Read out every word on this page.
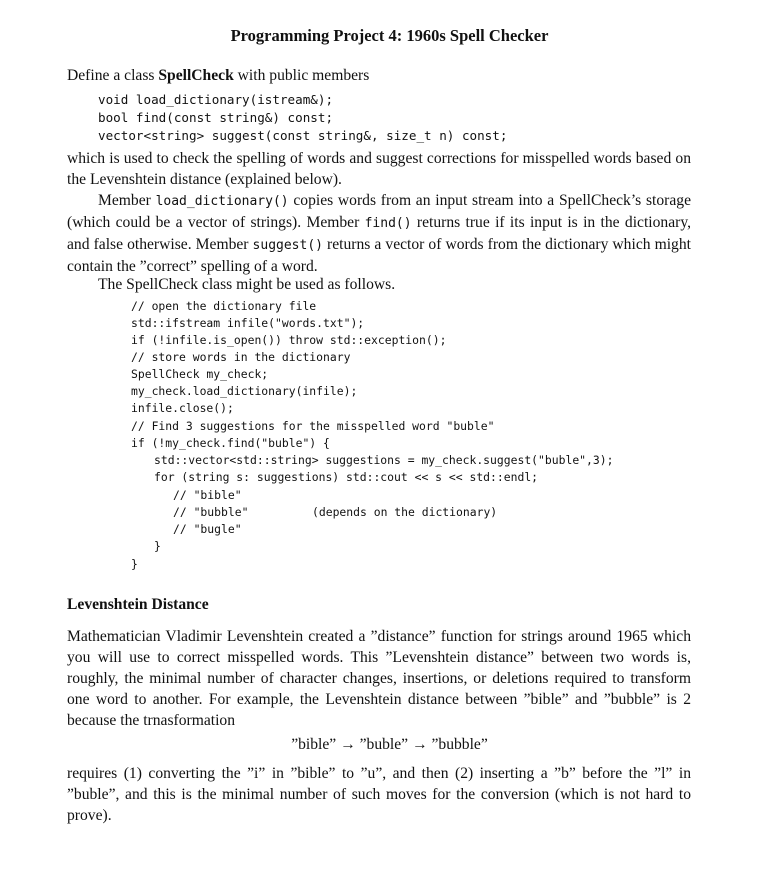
Programming Project 4: 1960s Spell Checker
Define a class SpellCheck with public members
void load_dictionary(istream&);
bool find(const string&) const;
vector<string> suggest(const string&, size_t n) const;

which is used to check the spelling of words and suggest corrections for misspelled words based on the Levenshtein distance (explained below).

Member load_dictionary() copies words from an input stream into a SpellCheck’s storage (which could be a vector of strings). Member find() returns true if its input is in the dictionary, and false otherwise. Member suggest() returns a vector of words from the dictionary which might contain the ”correct” spelling of a word.

The SpellCheck class might be used as follows.
// open the dictionary file
std::ifstream infile("words.txt");
if (!infile.is_open()) throw std::exception();
// store words in the dictionary
SpellCheck my_check;
my_check.load_dictionary(infile);
infile.close();
// Find 3 suggestions for the misspelled word "buble"
if (!my_check.find("buble") {
std::vector<std::string> suggestions = my_check.suggest("buble",3);
for (string s: suggestions) std::cout << s << std::endl;
// "bible"
// "bubble"	(depends on the dictionary)
// "bugle"
}
}
Levenshtein Distance

Mathematician Vladimir Levenshtein created a ”distance” function for strings around 1965 which you will use to correct misspelled words. This ”Levenshtein distance” between two words is, roughly, the minimal number of character changes, insertions, or deletions required to transform one word to another. For example, the Levenshtein distance between ”bible” and ”bubble” is 2 because the trnasformation

”bible” → ”buble” → ”bubble”

requires (1) converting the ”i” in ”bible” to ”u”, and then (2) inserting a ”b” before the ”l” in ”buble”, and this is the minimal number of such moves for the conversion (which is not hard to prove).
